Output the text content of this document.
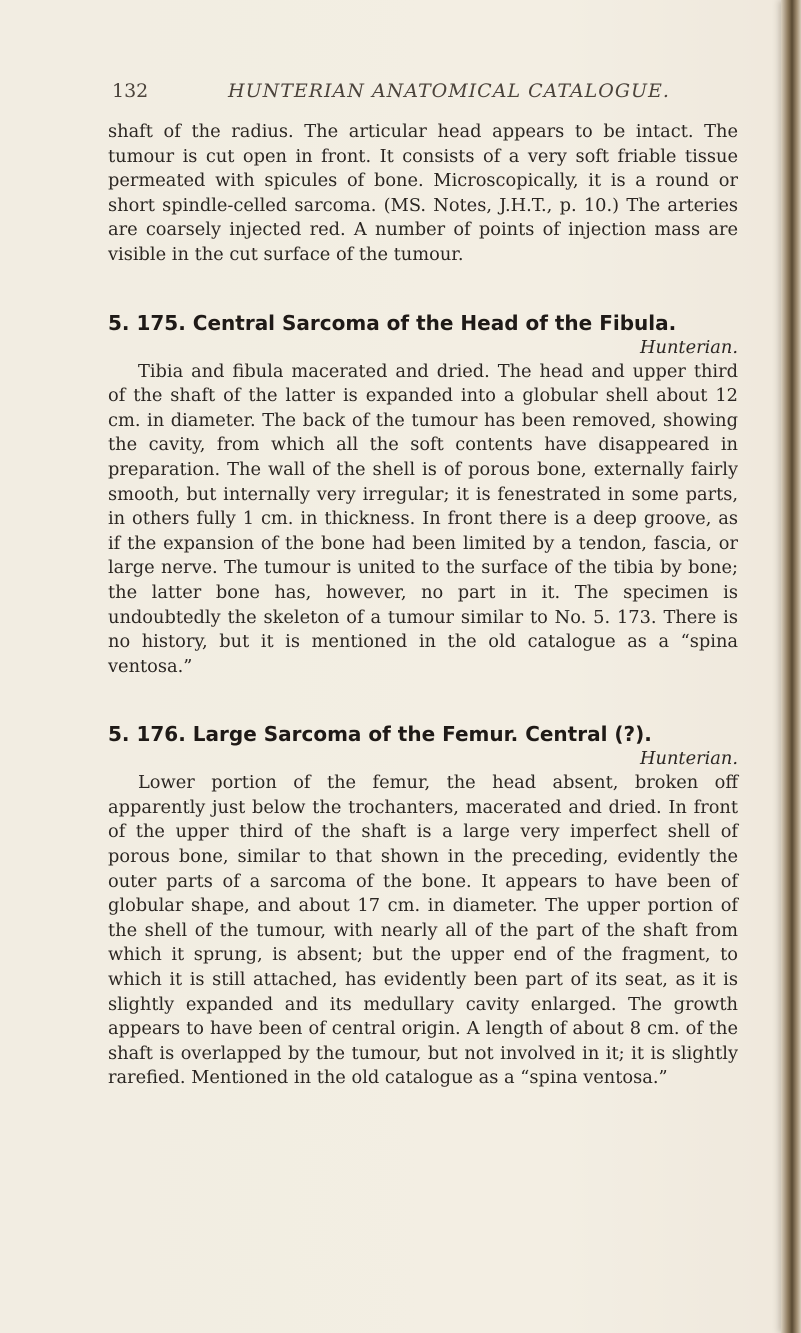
132	HUNTERIAN ANATOMICAL CATALOGUE.

shaft of the radius. The articular head appears to be intact. The tumour is cut open in front. It consists of a very soft friable tissue permeated with spicules of bone. Microscopically, it is a round or short spindle-celled sarcoma. (MS. Notes, J.H.T., p. 10.) The arteries are coarsely injected red. A number of points of injection mass are visible in the cut surface of the tumour.

5. 175. Central Sarcoma of the Head of the Fibula.

Hunterian.

Tibia and fibula macerated and dried. The head and upper third of the shaft of the latter is expanded into a globular shell about 12 cm. in diameter. The back of the tumour has been removed, showing the cavity, from which all the soft contents have disappeared in preparation. The wall of the shell is of porous bone, externally fairly smooth, but internally very irregular; it is fenestrated in some parts, in others fully 1 cm. in thickness. In front there is a deep groove, as if the expansion of the bone had been limited by a tendon, fascia, or large nerve. The tumour is united to the surface of the tibia by bone; the latter bone has, however, no part in it. The specimen is undoubtedly the skeleton of a tumour similar to No. 5. 173. There is no history, but it is mentioned in the old catalogue as a “spina ventosa.”

5. 176. Large Sarcoma of the Femur. Central (?).

Hunterian.

Lower portion of the femur, the head absent, broken off apparently just below the trochanters, macerated and dried. In front of the upper third of the shaft is a large very imperfect shell of porous bone, similar to that shown in the preceding, evidently the outer parts of a sarcoma of the bone. It appears to have been of globular shape, and about 17 cm. in diameter. The upper portion of the shell of the tumour, with nearly all of the part of the shaft from which it sprung, is absent; but the upper end of the fragment, to which it is still attached, has evidently been part of its seat, as it is slightly expanded and its medullary cavity enlarged. The growth appears to have been of central origin. A length of about 8 cm. of the shaft is overlapped by the tumour, but not involved in it; it is slightly rarefied. Mentioned in the old catalogue as a “spina ventosa.”
